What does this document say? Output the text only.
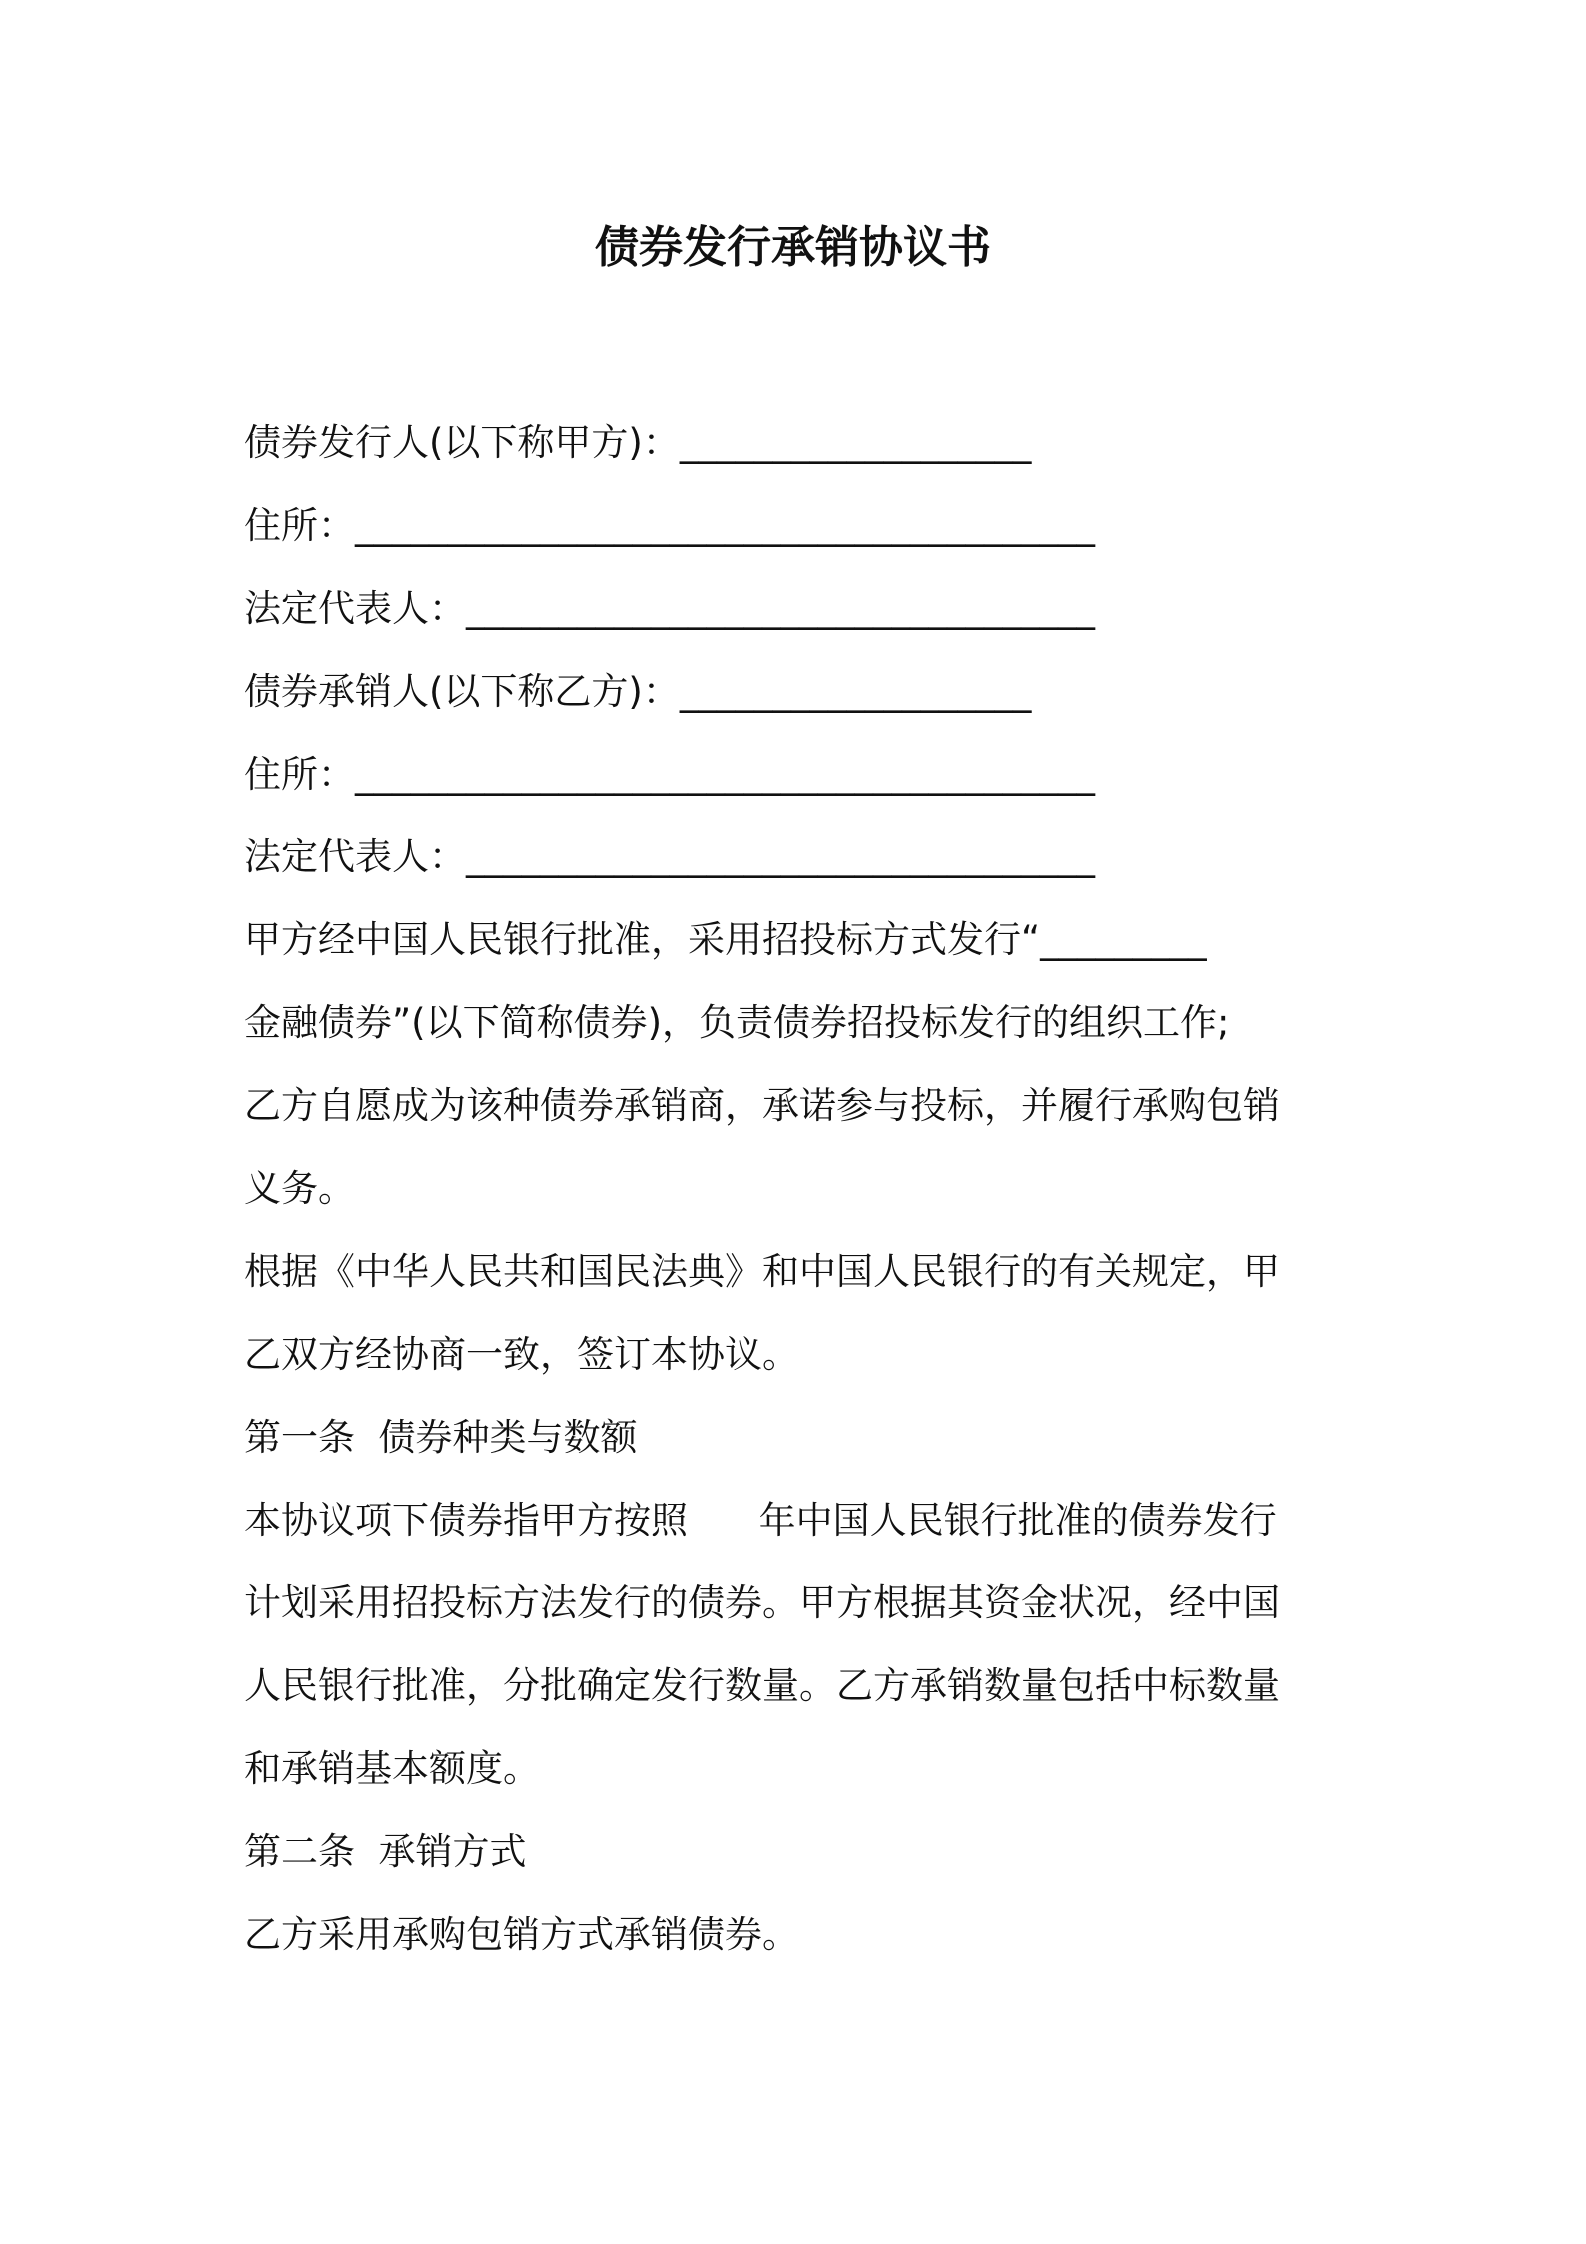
债券发行承销协议书
债券发行人(以下称甲方)：___________________
住所：________________________________________
法定代表人：__________________________________
债券承销人(以下称乙方)：___________________
住所：________________________________________
法定代表人：__________________________________
甲方经中国人民银行批准，采用招投标方式发行“_________
金融债券”(以下简称债券)，负责债券招投标发行的组织工作;
乙方自愿成为该种债券承销商，承诺参与投标，并履行承购包销
义务。
根据《中华人民共和国民法典》和中国人民银行的有关规定，甲
乙双方经协商一致，签订本协议。
第一条  债券种类与数额
本协议项下债券指甲方按照      年中国人民银行批准的债券发行
计划采用招投标方法发行的债券。甲方根据其资金状况，经中国
人民银行批准，分批确定发行数量。乙方承销数量包括中标数量
和承销基本额度。
第二条  承销方式
乙方采用承购包销方式承销债券。
